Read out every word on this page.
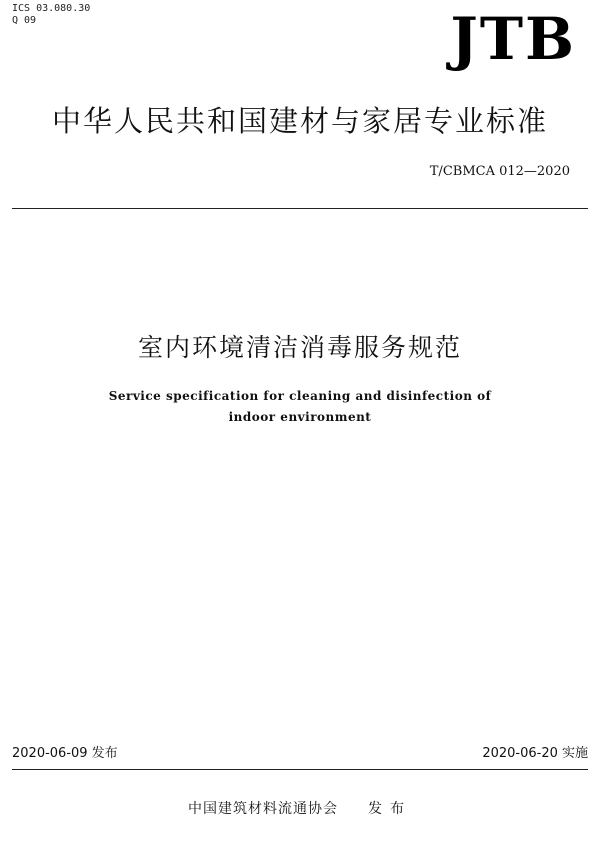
ICS 03.080.30
Q 09	JTB
中华人民共和国建材与家居专业标准
T/CBMCA 012—2020
室内环境清洁消毒服务规范
Service specification for cleaning and disinfection of
indoor environment
2020-06-09 发布	2020-06-20 实施
中国建筑材料流通协会 发布
